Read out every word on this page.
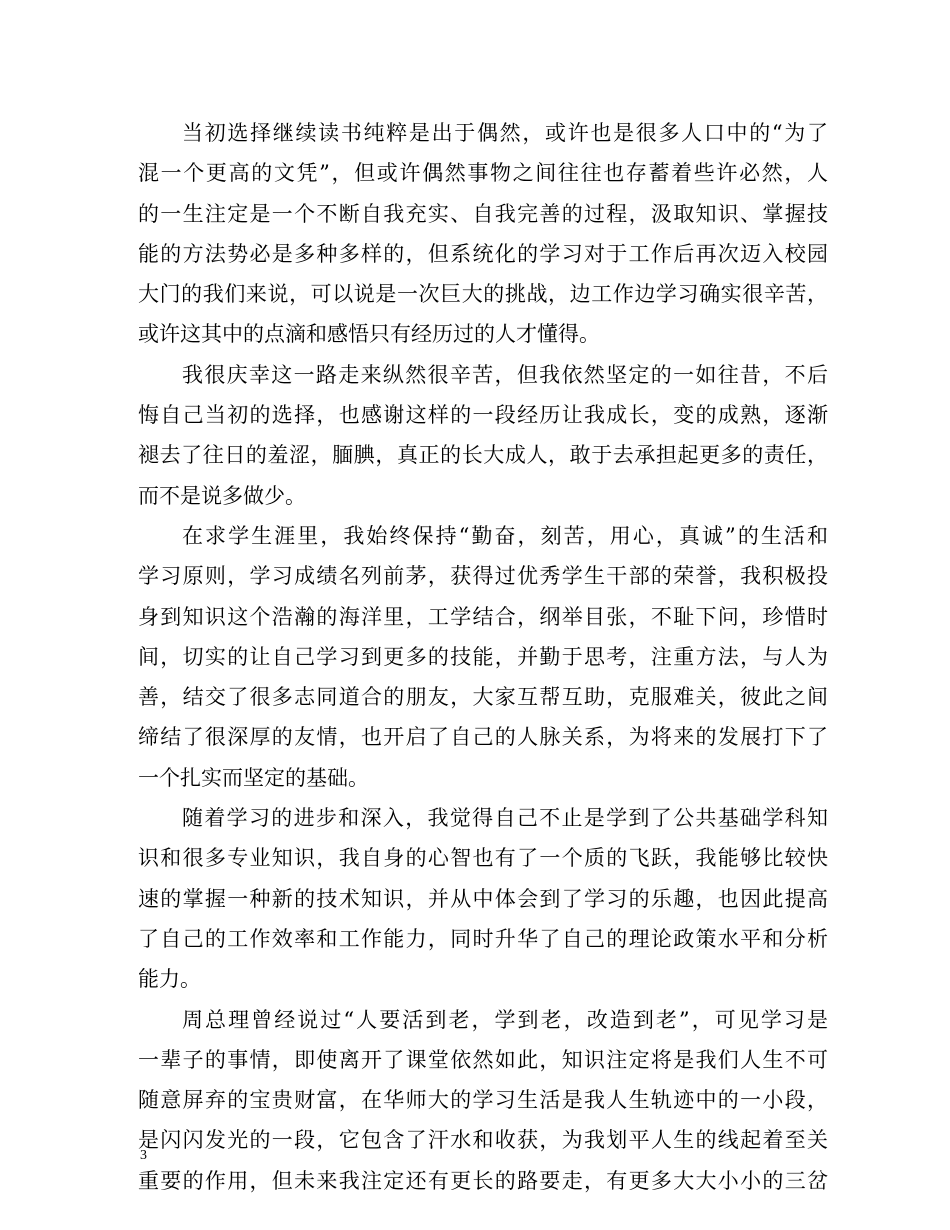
当初选择继续读书纯粹是出于偶然，或许也是很多人口中的“为了
混一个更高的文凭”，但或许偶然事物之间往往也存蓄着些许必然，人
的一生注定是一个不断自我充实、自我完善的过程，汲取知识、掌握技
能的方法势必是多种多样的，但系统化的学习对于工作后再次迈入校园
大门的我们来说，可以说是一次巨大的挑战，边工作边学习确实很辛苦，
或许这其中的点滴和感悟只有经历过的人才懂得。
我很庆幸这一路走来纵然很辛苦，但我依然坚定的一如往昔，不后
悔自己当初的选择，也感谢这样的一段经历让我成长，变的成熟，逐渐
褪去了往日的羞涩，腼腆，真正的长大成人，敢于去承担起更多的责任，
而不是说多做少。
在求学生涯里，我始终保持“勤奋，刻苦，用心，真诚”的生活和
学习原则，学习成绩名列前茅，获得过优秀学生干部的荣誉，我积极投
身到知识这个浩瀚的海洋里，工学结合，纲举目张，不耻下问，珍惜时
间，切实的让自己学习到更多的技能，并勤于思考，注重方法，与人为
善，结交了很多志同道合的朋友，大家互帮互助，克服难关，彼此之间
缔结了很深厚的友情，也开启了自己的人脉关系，为将来的发展打下了
一个扎实而坚定的基础。
随着学习的进步和深入，我觉得自己不止是学到了公共基础学科知
识和很多专业知识，我自身的心智也有了一个质的飞跃，我能够比较快
速的掌握一种新的技术知识，并从中体会到了学习的乐趣，也因此提高
了自己的工作效率和工作能力，同时升华了自己的理论政策水平和分析
能力。
周总理曾经说过“人要活到老，学到老，改造到老”，可见学习是
一辈子的事情，即使离开了课堂依然如此，知识注定将是我们人生不可
随意屏弃的宝贵财富，在华师大的学习生活是我人生轨迹中的一小段，
是闪闪发光的一段，它包含了汗水和收获，为我划平人生的线起着至关
重要的作用，但未来我注定还有更长的路要走，有更多大大小小的三岔
3
